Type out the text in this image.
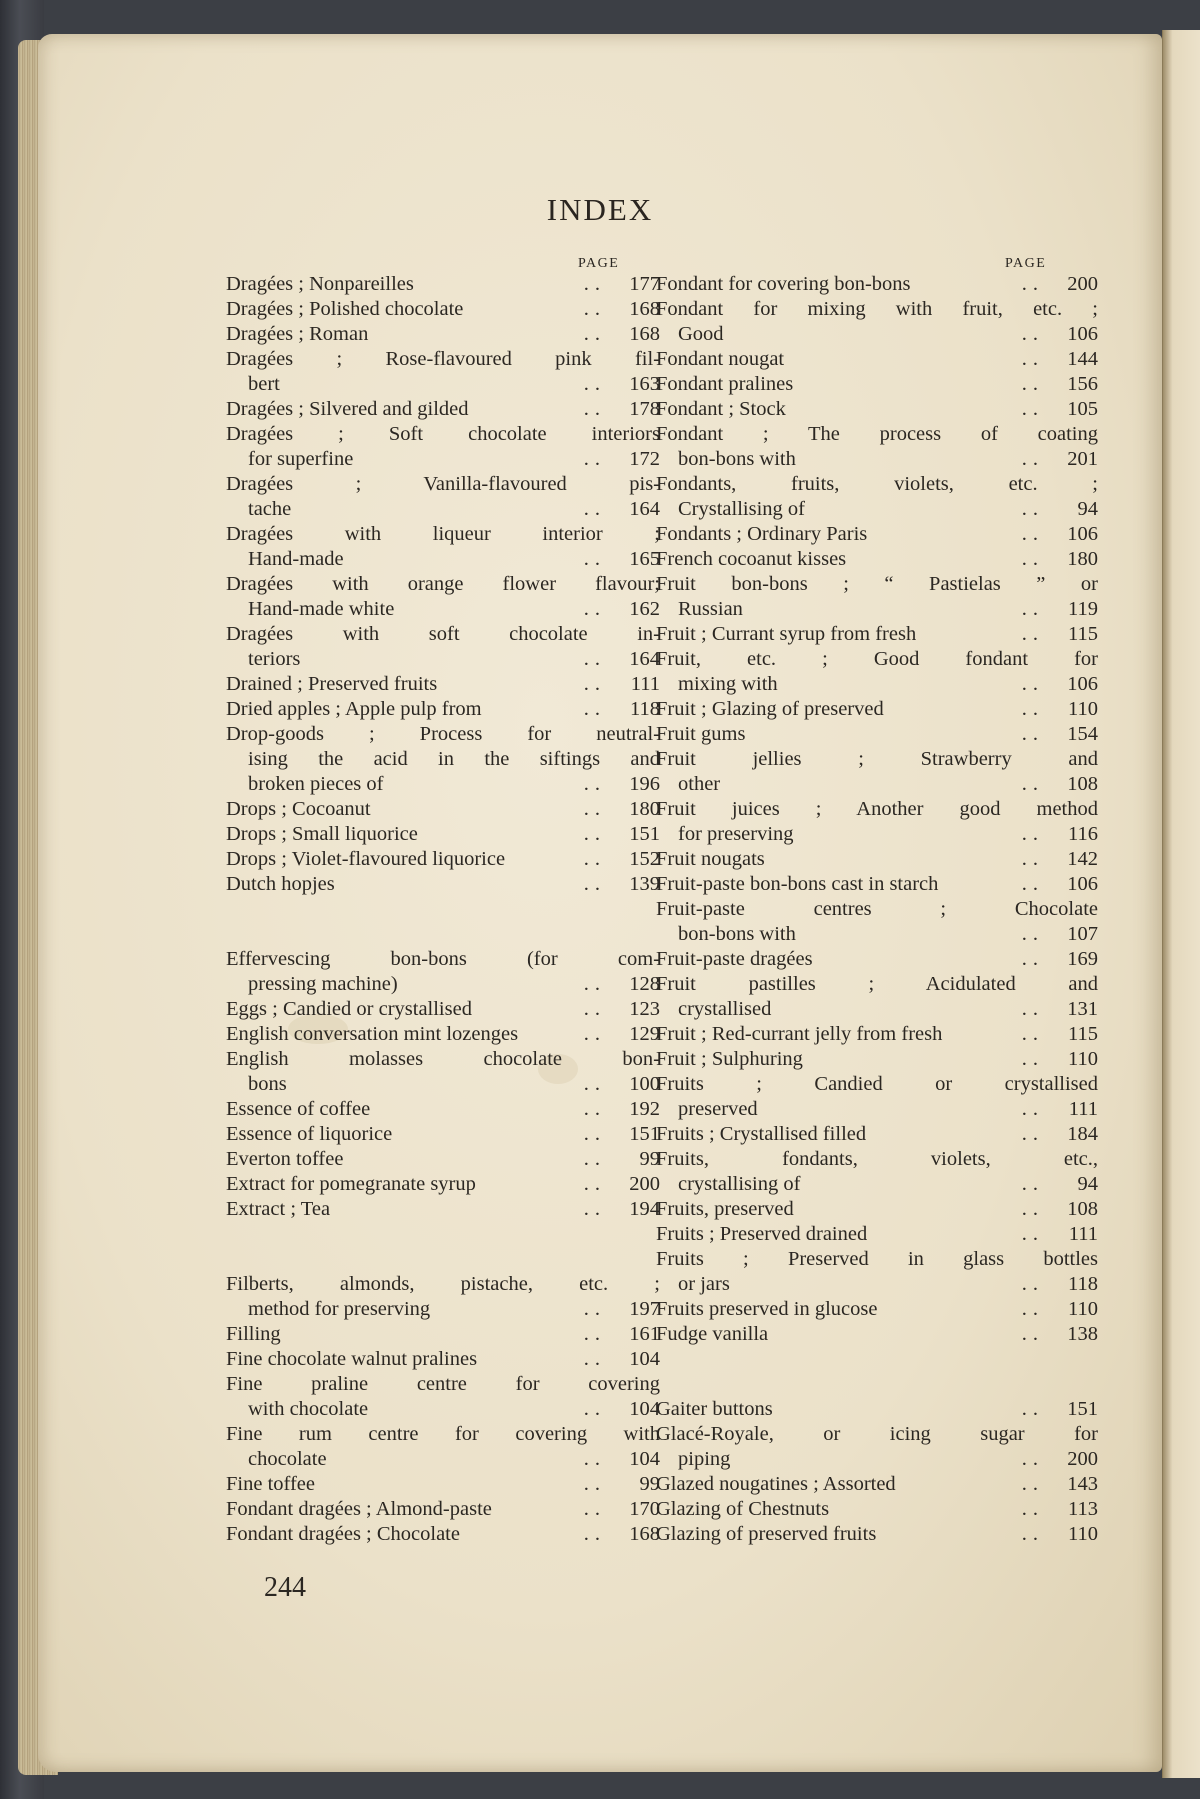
INDEX
PAGE	PAGE
Dragées ; Nonpareilles	..	177
Dragées ; Polished chocolate	..	168
Dragées ; Roman	..	168
Dragées ; Rose-flavoured pink fil-
bert	..	163
Dragées ; Silvered and gilded	..	178
Dragées ; Soft chocolate interiors
for superfine	..	172
Dragées ; Vanilla-flavoured pis-
tache	..	164
Dragées with liqueur interior ;
Hand-made	..	165
Dragées with orange flower flavour;
Hand-made white	..	162
Dragées with soft chocolate in-
teriors	..	164
Drained ; Preserved fruits	..	111
Dried apples ; Apple pulp from	..	118
Drop-goods ; Process for neutral-
ising the acid in the siftings and
broken pieces of	..	196
Drops ; Cocoanut	..	180
Drops ; Small liquorice	..	151
Drops ; Violet-flavoured liquorice	..	152
Dutch hopjes	..	139
Effervescing bon-bons (for com-
pressing machine)	..	128
Eggs ; Candied or crystallised	..	123
English conversation mint lozenges	..	129
English molasses chocolate bon-
bons	..	100
Essence of coffee	..	192
Essence of liquorice	..	151
Everton toffee	..	99
Extract for pomegranate syrup	..	200
Extract ; Tea	..	194
Filberts, almonds, pistache, etc. ;
method for preserving	..	197
Filling	..	161
Fine chocolate walnut pralines	..	104
Fine praline centre for covering
with chocolate	..	104
Fine rum centre for covering with
chocolate	..	104
Fine toffee	..	99
Fondant dragées ; Almond-paste	..	170
Fondant dragées ; Chocolate	..	168
Fondant for covering bon-bons	..	200
Fondant for mixing with fruit, etc. ;
Good	..	106
Fondant nougat	..	144
Fondant pralines	..	156
Fondant ; Stock	..	105
Fondant ; The process of coating
bon-bons with	..	201
Fondants, fruits, violets, etc. ;
Crystallising of	..	94
Fondants ; Ordinary Paris	..	106
French cocoanut kisses	..	180
Fruit bon-bons ; “ Pastielas ” or
Russian	..	119
Fruit ; Currant syrup from fresh	..	115
Fruit, etc. ; Good fondant for
mixing with	..	106
Fruit ; Glazing of preserved	..	110
Fruit gums	..	154
Fruit jellies ; Strawberry and
other	..	108
Fruit juices ; Another good method
for preserving	..	116
Fruit nougats	..	142
Fruit-paste bon-bons cast in starch	..	106
Fruit-paste centres ; Chocolate
bon-bons with	..	107
Fruit-paste dragées	..	169
Fruit pastilles ; Acidulated and
crystallised	..	131
Fruit ; Red-currant jelly from fresh	..	115
Fruit ; Sulphuring	..	110
Fruits ; Candied or crystallised
preserved	..	111
Fruits ; Crystallised filled	..	184
Fruits, fondants, violets, etc.,
crystallising of	..	94
Fruits, preserved	..	108
Fruits ; Preserved drained	..	111
Fruits ; Preserved in glass bottles
or jars	..	118
Fruits preserved in glucose	..	110
Fudge vanilla	..	138
Gaiter buttons	..	151
Glacé-Royale, or icing sugar for
piping	..	200
Glazed nougatines ; Assorted	..	143
Glazing of Chestnuts	..	113
Glazing of preserved fruits	..	110
244
